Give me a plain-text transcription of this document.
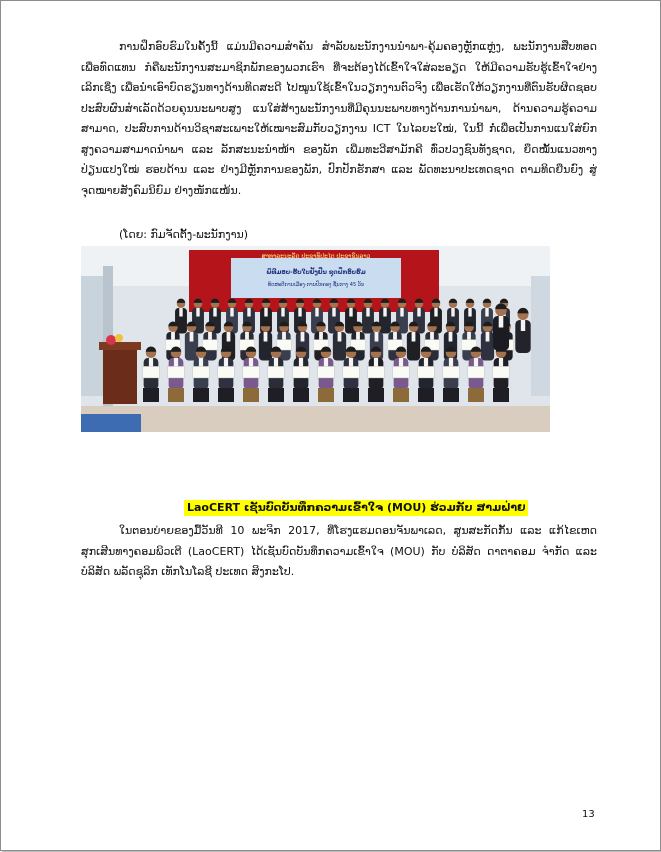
ການຝຶກອົບຮົມໃນຄັ້ງນີ້ ແມ່ນມີຄວາມສໍາຄັນ ສໍາລັບພະນັກງານນໍາພາ-ຄຸ້ມຄອງຫຼັກແຫຼ່ງ, ພະນັກງານສືບທອດ ເພື່ອທົດແທນ ກໍຄືພະນັກງານສະມາຊິກພັກຂອງພວກເຮົາ ທີ່ຈະຕ້ອງໄດ້ເຂົ້າໃຈໃສ່ລະອຽດ ໃຫ້ມີຄວາມຮັບຮູ້ເຂົ້າໃຈຢ່າງເລິກເຊິ່ງ ເພື່ອນໍາເອົາບົດຮຽນທາງດ້ານທິດສະດີ ໄປໝູນໃຊ້ເຂົ້າໃນວຽກງານຕົວຈິງ ເພື່ອເຮັດໃຫ້ວຽກງານທີ່ຕົນຮັບຜິດຊອບ ປະສົບຜົນສໍາເລັດດ້ວຍຄຸນນະພາບສູງ ແນໃສ່ສ້າງພະນັກງານທີ່ມີຄຸນນະພາບທາງດ້ານການນໍາພາ, ດ້ານຄວາມຮູ້ຄວາມສາມາດ, ປະສົບການດ້ານວິຊາສະເພາະໃຫ້ເໝາະສົມກັບວຽກງານ ICT ໃນໄລຍະໃໝ່, ໃນນີ້ ກໍ່ເພື່ອເປັນການແນໃສ່ຍົກສູງຄວາມສາມາດນໍາພາ ແລະ ລັກສະນະນໍາໜ້າ ຂອງພັກ ເພີ່ມທະວີສາມັກຄີ ທົ່ວປວງຊົນທັງຊາດ, ຍຶດໝັ້ນແນວທາງປ່ຽນແປງໃໝ່ ຮອບດ້ານ ແລະ ຢ່າງມີຫຼັກການຂອງພັກ, ປົກປັກຮັກສາ ແລະ ພັດທະນາປະເທດຊາດ ຕາມທິດຍືນຍົງ ສູ່ຈຸດໝາຍສັງຄົມນິຍົມ ຢ່າງໜັກແໜ້ນ.

(ໂດຍ: ກົມຈັດຕັ້ງ-ພະນັກງານ)
ສາທາລະນະລັດ ປະຊາທິປະໄຕ ປະຊາຊົນລາວ
ພິທີມອບ-ຮັບໃບຢັ້ງຢືນ ຊຸດຝຶກອົບຮົມ
ທິດສະດີການເມືອງ-ການປົກຄອງ ຊັ້ນກາງ 45 ວັນ
LaoCERT ເຊັນບົດບັນທຶກຄວາມເຂົ້າໃຈ (MOU) ຮ່ວມກັບ ສາມຝ່າຍ

ໃນຕອນບ່າຍຂອງມື້ວັນທີ 10 ພະຈິກ 2017, ທີ່ໂຮງແຮມດອນຈັນພາເລດ, ສູນສະກັດກັ້ນ ແລະ ແກ້ໄຂເຫດສຸກເສີນທາງຄອມພິວເຕີ (LaoCERT) ໄດ້ເຊັນບົດບັນທຶກຄວາມເຂົ້າໃຈ (MOU) ກັບ ບໍລິສັດ ດາຕາຄອມ ຈໍາກັດ ແລະ ບໍລິສັດ ພລັດຊຸລິກ ເທັກໂນໂລຊີ ປະເທດ ສິງກະໂປ.

13
